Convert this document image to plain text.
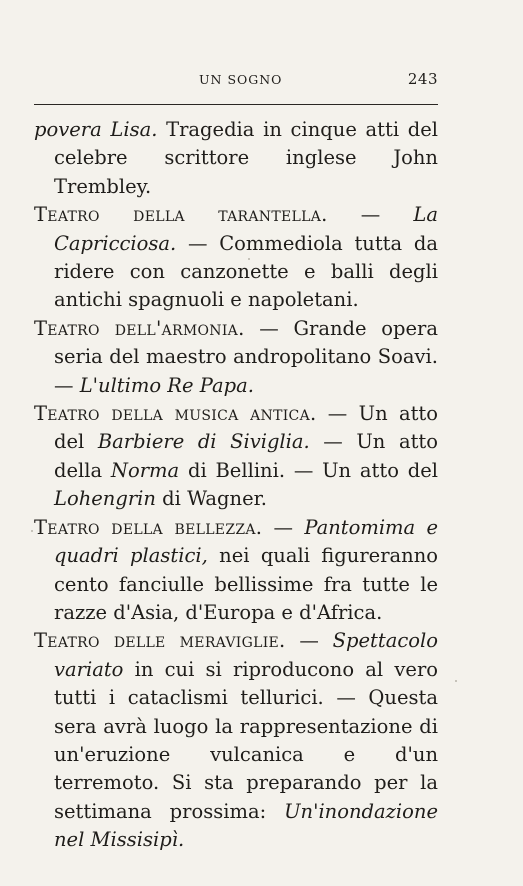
UN SOGNO	243

povera Lisa. Tragedia in cinque atti del celebre scrittore inglese John Trembley.

Teatro della tarantella. — La Capricciosa. — Commediola tutta da ridere con canzonette e balli degli antichi spagnuoli e napoletani.

Teatro dell'armonia. — Grande opera seria del maestro andropolitano Soavi. — L'ultimo Re Papa.

Teatro della musica antica. — Un atto del Barbiere di Siviglia. — Un atto della Norma di Bellini. — Un atto del Lohengrin di Wagner.

Teatro della bellezza. — Pantomima e quadri plastici, nei quali figureranno cento fanciulle bellissime fra tutte le razze d'Asia, d'Europa e d'Africa.

Teatro delle meraviglie. — Spettacolo variato in cui si riproducono al vero tutti i cataclismi tellurici. — Questa sera avrà luogo la rappresentazione di un'eruzione vulcanica e d'un terremoto. Si sta preparando per la settimana prossima: Un'inondazione nel Missisipì.
